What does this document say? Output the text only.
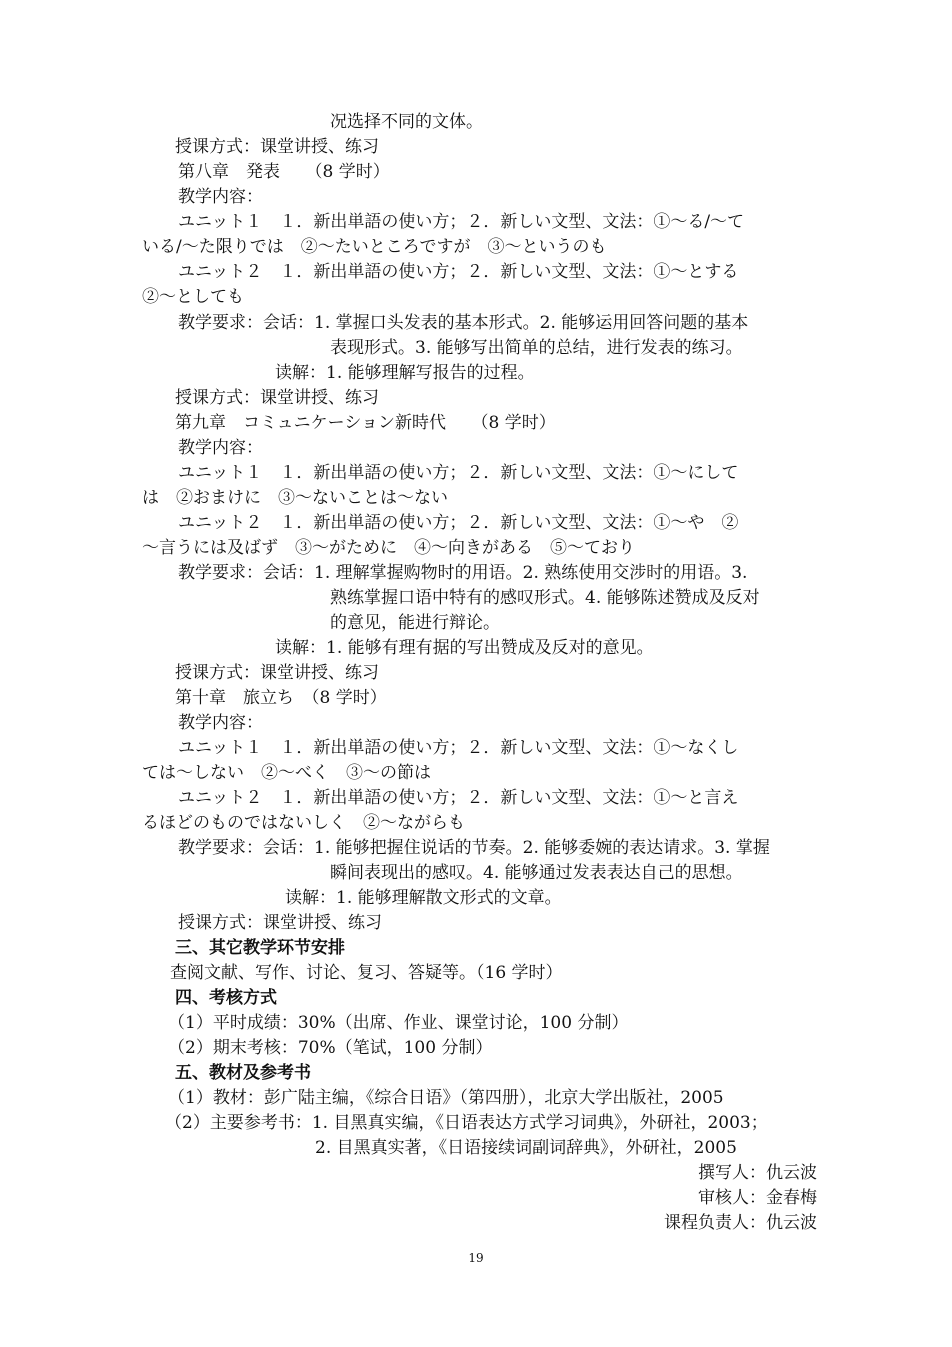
况选择不同的文体。
授课方式：课堂讲授、练习
第八章　発表　　（8 学时）
教学内容：
ユニット１　１．新出単語の使い方；２．新しい文型、文法：①～る/～て
いる/～た限りでは　②～たいところですが　③～というのも
ユニット２　１．新出単語の使い方；２．新しい文型、文法：①～とする
②～としても
教学要求：会话：1. 掌握口头发表的基本形式。2. 能够运用回答问题的基本
表现形式。3. 能够写出简单的总结，进行发表的练习。
读解：1. 能够理解写报告的过程。
授课方式：课堂讲授、练习
第九章　コミュニケーション新時代　　（8 学时）
教学内容：
ユニット１　１．新出単語の使い方；２．新しい文型、文法：①～にして
は　②おまけに　③～ないことは～ない
ユニット２　１．新出単語の使い方；２．新しい文型、文法：①～や　②
～言うには及ばず　③～がために　④～向きがある　⑤～ており
教学要求：会话：1. 理解掌握购物时的用语。2. 熟练使用交涉时的用语。3.
熟练掌握口语中特有的感叹形式。4. 能够陈述赞成及反对
的意见，能进行辩论。
读解：1. 能够有理有据的写出赞成及反对的意见。
授课方式：课堂讲授、练习
第十章　旅立ち　（8 学时）
教学内容：
ユニット１　１．新出単語の使い方；２．新しい文型、文法：①～なくし
ては～しない　②～べく　③～の節は
ユニット２　１．新出単語の使い方；２．新しい文型、文法：①～と言え
るほどのものではないしく　②～ながらも
教学要求：会话：1. 能够把握住说话的节奏。2. 能够委婉的表达请求。3. 掌握
瞬间表现出的感叹。4. 能够通过发表表达自己的思想。
读解：1. 能够理解散文形式的文章。
授课方式：课堂讲授、练习
三、其它教学环节安排
查阅文献、写作、讨论、复习、答疑等。（16 学时）
四、考核方式
（1）平时成绩：30%（出席、作业、课堂讨论，100 分制）
（2）期末考核：70%（笔试，100 分制）
五、教材及参考书
（1）教材：彭广陆主编，《综合日语》（第四册），北京大学出版社，2005
（2）主要参考书：1. 目黑真实编，《日语表达方式学习词典》，外研社，2003；
2. 目黑真实著，《日语接续词副词辞典》，外研社，2005
撰写人：仇云波
审核人：金春梅
课程负责人：仇云波
19
